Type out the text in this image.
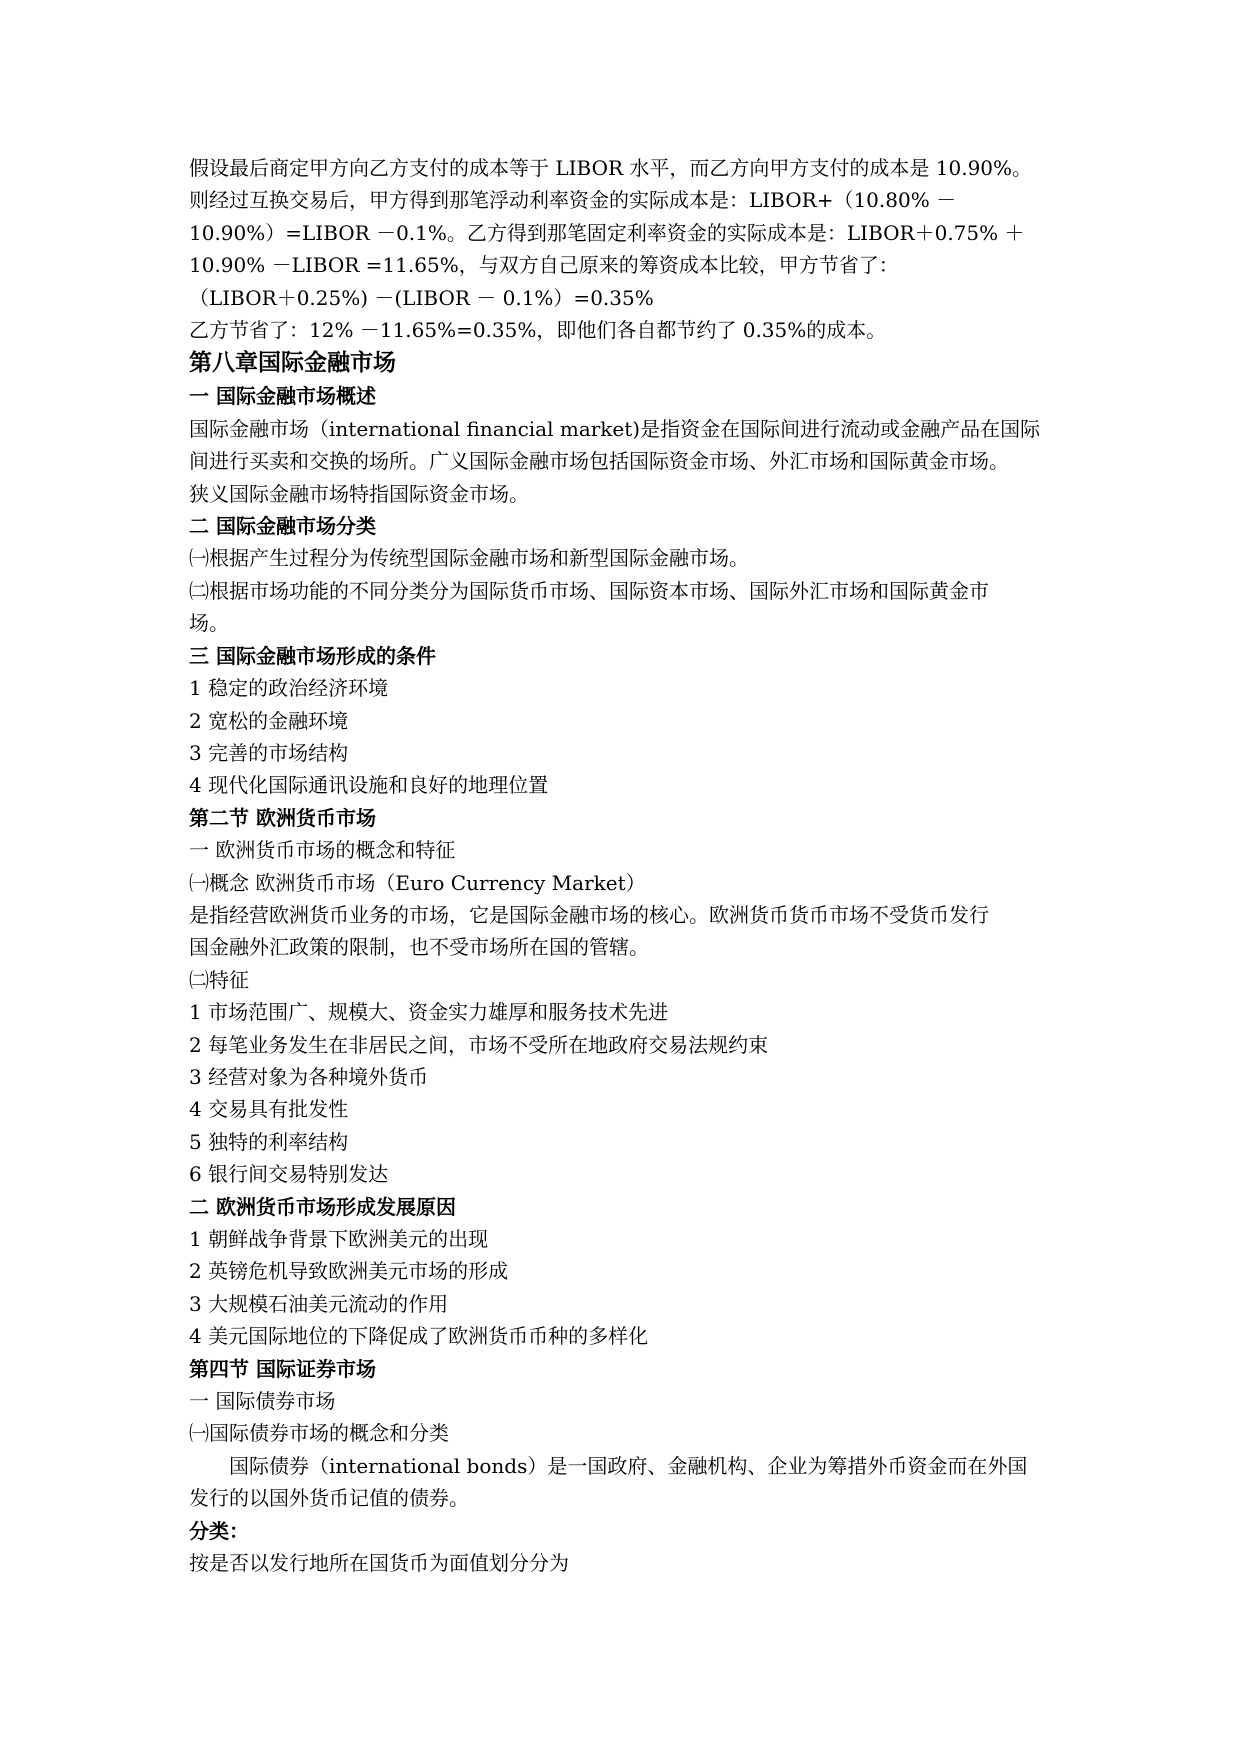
假设最后商定甲方向乙方支付的成本等于 LIBOR 水平，而乙方向甲方支付的成本是 10.90%。
则经过互换交易后，甲方得到那笔浮动利率资金的实际成本是：LIBOR+（10.80% －
10.90%）=LIBOR －0.1%。乙方得到那笔固定利率资金的实际成本是：LIBOR＋0.75% ＋
10.90% －LIBOR =11.65%，与双方自己原来的筹资成本比较，甲方节省了：
（LIBOR＋0.25%) －(LIBOR － 0.1%）=0.35%
乙方节省了：12% －11.65%=0.35%，即他们各自都节约了 0.35%的成本。
第八章国际金融市场
一 国际金融市场概述
国际金融市场（international financial market)是指资金在国际间进行流动或金融产品在国际
间进行买卖和交换的场所。广义国际金融市场包括国际资金市场、外汇市场和国际黄金市场。
狭义国际金融市场特指国际资金市场。
二 国际金融市场分类
㈠根据产生过程分为传统型国际金融市场和新型国际金融市场。
㈡根据市场功能的不同分类分为国际货币市场、国际资本市场、国际外汇市场和国际黄金市
场。
三 国际金融市场形成的条件
1 稳定的政治经济环境
2 宽松的金融环境
3 完善的市场结构
4 现代化国际通讯设施和良好的地理位置
第二节 欧洲货币市场
一 欧洲货币市场的概念和特征
㈠概念 欧洲货币市场（Euro Currency Market）
是指经营欧洲货币业务的市场，它是国际金融市场的核心。欧洲货币货币市场不受货币发行
国金融外汇政策的限制，也不受市场所在国的管辖。
㈡特征
1 市场范围广、规模大、资金实力雄厚和服务技术先进
2 每笔业务发生在非居民之间，市场不受所在地政府交易法规约束
3 经营对象为各种境外货币
4 交易具有批发性
5 独特的利率结构
6 银行间交易特别发达
二 欧洲货币市场形成发展原因
1 朝鲜战争背景下欧洲美元的出现
2 英镑危机导致欧洲美元市场的形成
3 大规模石油美元流动的作用
4 美元国际地位的下降促成了欧洲货币币种的多样化
第四节 国际证券市场
一 国际债券市场
㈠国际债券市场的概念和分类
国际债券（international bonds）是一国政府、金融机构、企业为筹措外币资金而在外国
发行的以国外货币记值的债券。
分类：
按是否以发行地所在国货币为面值划分分为
